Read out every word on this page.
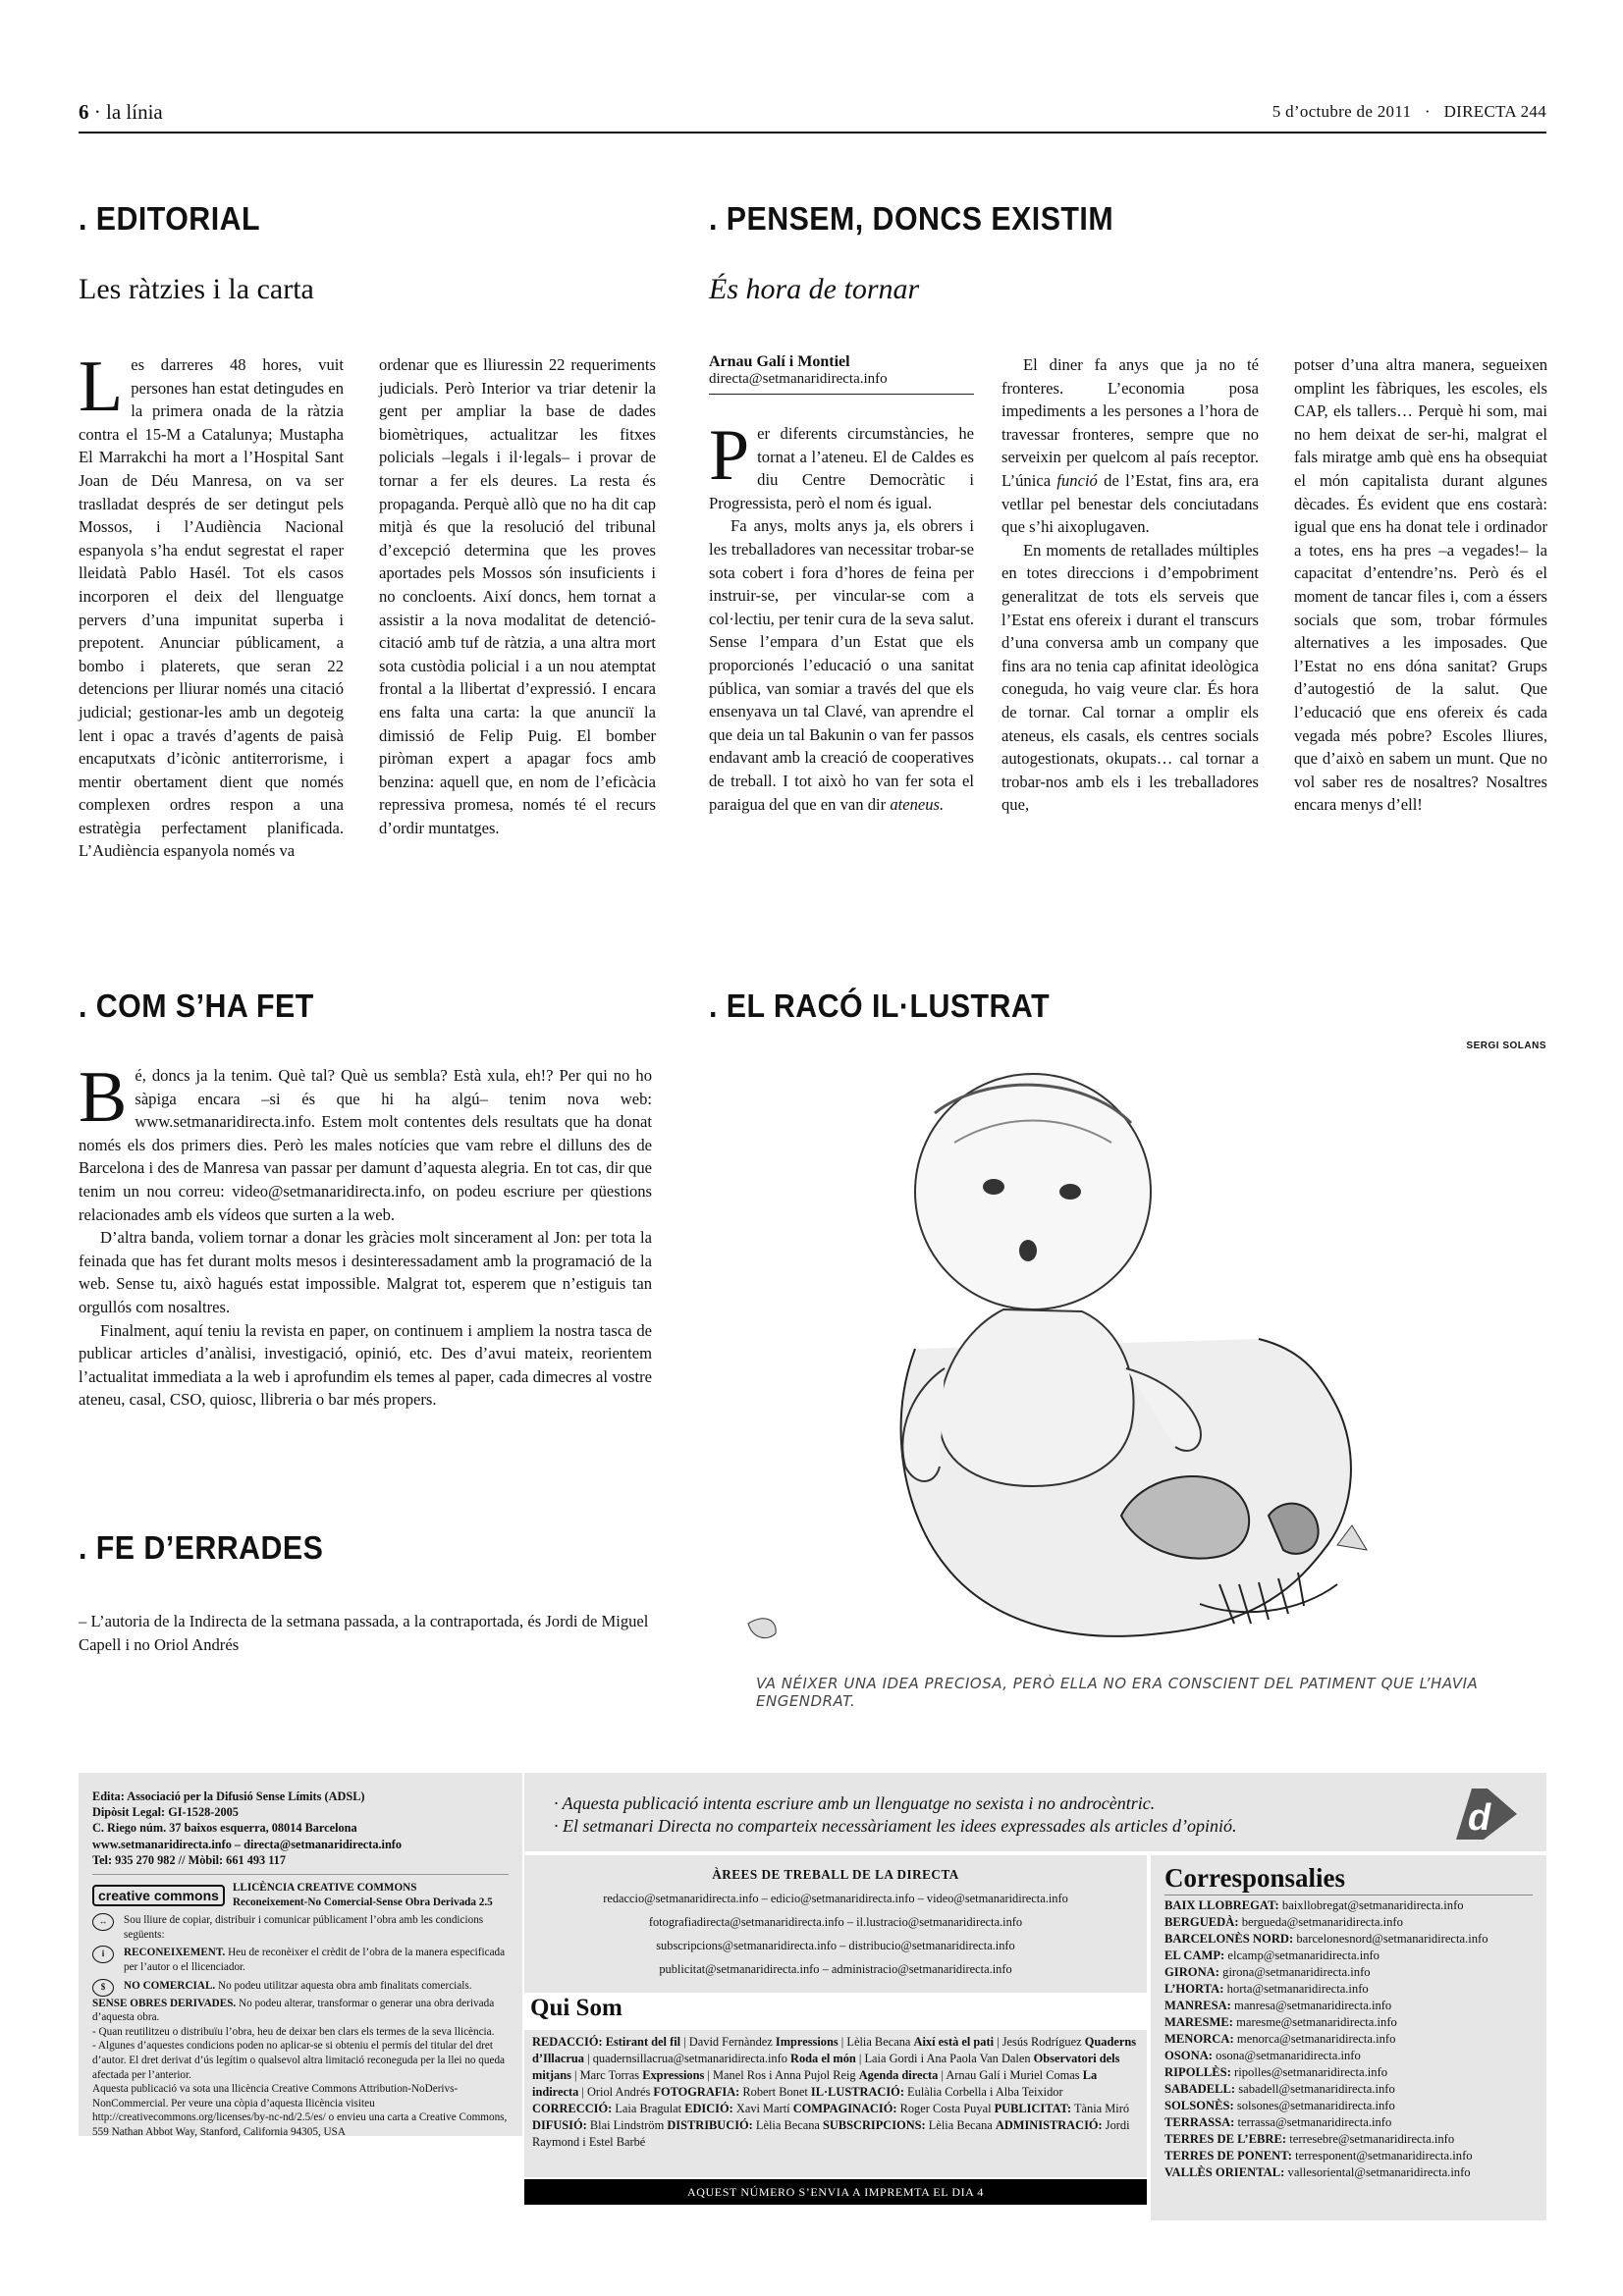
6 · la línia	5 d’octubre de 2011 · DIRECTA 244
. EDITORIAL
Les ràtzies i la carta
Les darreres 48 hores, vuit persones han estat detingudes en la primera onada de la ràtzia contra el 15-M a Catalunya; Mustapha El Marrakchi ha mort a l’Hospital Sant Joan de Déu Manresa, on va ser traslladat després de ser detingut pels Mossos, i l’Audiència Nacional espanyola s’ha endut segrestat el raper lleidatà Pablo Hasél. Tot els casos incorporen el deix del llenguatge pervers d’una impunitat superba i prepotent. Anunciar públicament, a bombo i platerets, que seran 22 detencions per lliurar només una citació judicial; gestionar-les amb un degoteig lent i opac a través d’agents de paisà encaputxats d’icònic antiterrorisme, i mentir obertament dient que només complexen ordres respon a una estratègia perfectament planificada. L’Audiència espanyola només va
ordenar que es lliuressin 22 requeriments judicials. Però Interior va triar detenir la gent per ampliar la base de dades biomètriques, actualitzar les fitxes policials –legals i il·legals– i provar de tornar a fer els deures. La resta és propaganda. Perquè allò que no ha dit cap mitjà és que la resolució del tribunal d’excepció determina que les proves aportades pels Mossos són insuficients i no concloents. Així doncs, hem tornat a assistir a la nova modalitat de detenció-citació amb tuf de ràtzia, a una altra mort sota custòdia policial i a un nou atemptat frontal a la llibertat d’expressió. I encara ens falta una carta: la que anunciï la dimissió de Felip Puig. El bomber piròman expert a apagar focs amb benzina: aquell que, en nom de l’eficàcia repressiva promesa, només té el recurs d’ordir muntatges.
. PENSEM, DONCS EXISTIM
És hora de tornar
Arnau Galí i Montiel
directa@setmanaridirecta.info

Per diferents circumstàncies, he tornat a l’ateneu. El de Caldes es diu Centre Democràtic i Progressista, però el nom és igual.

Fa anys, molts anys ja, els obrers i les treballadores van necessitar trobar-se sota cobert i fora d’hores de feina per instruir-se, per vincular-se com a col·lectiu, per tenir cura de la seva salut. Sense l’empara d’un Estat que els proporcionés l’educació o una sanitat pública, van somiar a través del que els ensenyava un tal Clavé, van aprendre el que deia un tal Bakunin o van fer passos endavant amb la creació de cooperatives de treball. I tot això ho van fer sota el paraigua del que en van dir ateneus.

El diner fa anys que ja no té fronteres. L’economia posa impediments a les persones a l’hora de travessar fronteres, sempre que no serveixin per quelcom al país receptor. L’única funció de l’Estat, fins ara, era vetllar pel benestar dels conciutadans que s’hi aixoplugaven.

En moments de retallades múltiples en totes direccions i d’empobriment generalitzat de tots els serveis que l’Estat ens ofereix i durant el transcurs d’una conversa amb un company que fins ara no tenia cap afinitat ideològica coneguda, ho vaig veure clar. És hora de tornar. Cal tornar a omplir els ateneus, els casals, els centres socials autogestionats, okupats… cal tornar a trobar-nos amb els i les treballadores que,

potser d’una altra manera, segueixen omplint les fàbriques, les escoles, els CAP, els tallers… Perquè hi som, mai no hem deixat de ser-hi, malgrat el fals miratge amb què ens ha obsequiat el món capitalista durant algunes dècades. És evident que ens costarà: igual que ens ha donat tele i ordinador a totes, ens ha pres –a vegades!– la capacitat d’entendre’ns. Però és el moment de tancar files i, com a éssers socials que som, trobar fórmules alternatives a les imposades. Que l’Estat no ens dóna sanitat? Grups d’autogestió de la salut. Que l’educació que ens ofereix és cada vegada més pobre? Escoles lliures, que d’això en sabem un munt. Que no vol saber res de nosaltres? Nosaltres encara menys d’ell!
. COM S’HA FET

Bé, doncs ja la tenim. Què tal? Què us sembla? Està xula, eh!? Per qui no ho sàpiga encara –si és que hi ha algú– tenim nova web: www.setmanaridirecta.info. Estem molt contentes dels resultats que ha donat només els dos primers dies. Però les males notícies que vam rebre el dilluns des de Barcelona i des de Manresa van passar per damunt d’aquesta alegria. En tot cas, dir que tenim un nou correu: video@setmanaridirecta.info, on podeu escriure per qüestions relacionades amb els vídeos que surten a la web.

D’altra banda, voliem tornar a donar les gràcies molt sincerament al Jon: per tota la feinada que has fet durant molts mesos i desinteressadament amb la programació de la web. Sense tu, això hagués estat impossible. Malgrat tot, esperem que n’estiguis tan orgullós com nosaltres.

Finalment, aquí teniu la revista en paper, on continuem i ampliem la nostra tasca de publicar articles d’anàlisi, investigació, opinió, etc. Des d’avui mateix, reorientem l’actualitat immediata a la web i aprofundim els temes al paper, cada dimecres al vostre ateneu, casal, CSO, quiosc, llibreria o bar més propers.

. FE D’ERRADES
– L’autoria de la Indirecta de la setmana passada, a la contraportada, és Jordi de Miguel Capell i no Oriol Andrés
. EL RACÓ IL·LUSTRAT
SERGI SOLANS
VA NÉIXER UNA IDEA PRECIOSA, PERÒ ELLA NO ERA CONSCIENT DEL PATIMENT QUE L’HAVIA ENGENDRAT.
Edita: Associació per la Difusió Sense Límits (ADSL)
Dipòsit Legal: GI-1528-2005
C. Riego núm. 37 baixos esquerra, 08014 Barcelona
www.setmanaridirecta.info – directa@setmanaridirecta.info
Tel: 935 270 982 // Mòbil: 661 493 117
creative commons	LLICÈNCIA CREATIVE COMMONS
Reconeixement-No Comercial-Sense Obra Derivada 2.5
↔	Sou lliure de copiar, distribuir i comunicar públicament l’obra amb les condicions següents:
i	RECONEIXEMENT. Heu de reconèixer el crèdit de l’obra de la manera especificada per l’autor o el llicenciador.
$	NO COMERCIAL. No podeu utilitzar aquesta obra amb finalitats comercials.
SENSE OBRES DERIVADES. No podeu alterar, transformar o generar una obra derivada d’aquesta obra.
- Quan reutilitzeu o distribuïu l’obra, heu de deixar ben clars els termes de la seva llicència.
- Algunes d’aquestes condicions poden no aplicar-se si obteniu el permís del titular del dret d’autor. El dret derivat d’ús legítim o qualsevol altra limitació reconeguda per la llei no queda afectada per l’anterior.
Aquesta publicació va sota una llicència Creative Commons Attribution-NoDerivs-NonCommercial. Per veure una còpia d’aquesta llicència visiteu http://creativecommons.org/licenses/by-nc-nd/2.5/es/ o envieu una carta a Creative Commons, 559 Nathan Abbot Way, Stanford, California 94305, USA
· Aquesta publicació intenta escriure amb un llenguatge no sexista i no androcèntric.
· El setmanari Directa no comparteix necessàriament les idees expressades als articles d’opinió.	d
ÀREES DE TREBALL DE LA DIRECTA
redaccio@setmanaridirecta.info – edicio@setmanaridirecta.info – video@setmanaridirecta.info
fotografiadirecta@setmanaridirecta.info – il.lustracio@setmanaridirecta.info
subscripcions@setmanaridirecta.info – distribucio@setmanaridirecta.info
publicitat@setmanaridirecta.info – administracio@setmanaridirecta.info
Qui Som
REDACCIÓ: Estirant del fil | David Fernàndez Impressions | Lèlia Becana Així està el pati | Jesús Rodríguez Quaderns d’Illacrua | quadernsillacrua@setmanaridirecta.info Roda el món | Laia Gordi i Ana Paola Van Dalen Observatori dels mitjans | Marc Torras Expressions | Manel Ros i Anna Pujol Reig Agenda directa | Arnau Galí i Muriel Comas La indirecta | Oriol Andrés FOTOGRAFIA: Robert Bonet IL·LUSTRACIÓ: Eulàlia Corbella i Alba Teixidor CORRECCIÓ: Laia Bragulat EDICIÓ: Xavi Martí COMPAGINACIÓ: Roger Costa Puyal PUBLICITAT: Tània Miró DIFUSIÓ: Blai Lindström DISTRIBUCIÓ: Lèlia Becana SUBSCRIPCIONS: Lèlia Becana ADMINISTRACIÓ: Jordi Raymond i Estel Barbé
AQUEST NÚMERO S’ENVIA A IMPREMTA EL DIA 4
Corresponsalies
BAIX LLOBREGAT: baixllobregat@setmanaridirecta.info
BERGUEDÀ: bergueda@setmanaridirecta.info
BARCELONÈS NORD: barcelonesnord@setmanaridirecta.info
EL CAMP: elcamp@setmanaridirecta.info
GIRONA: girona@setmanaridirecta.info
L’HORTA: horta@setmanaridirecta.info
MANRESA: manresa@setmanaridirecta.info
MARESME: maresme@setmanaridirecta.info
MENORCA: menorca@setmanaridirecta.info
OSONA: osona@setmanaridirecta.info
RIPOLLÈS: ripolles@setmanaridirecta.info
SABADELL: sabadell@setmanaridirecta.info
SOLSONÈS: solsones@setmanaridirecta.info
TERRASSA: terrassa@setmanaridirecta.info
TERRES DE L’EBRE: terresebre@setmanaridirecta.info
TERRES DE PONENT: terresponent@setmanaridirecta.info
VALLÈS ORIENTAL: vallesoriental@setmanaridirecta.info
